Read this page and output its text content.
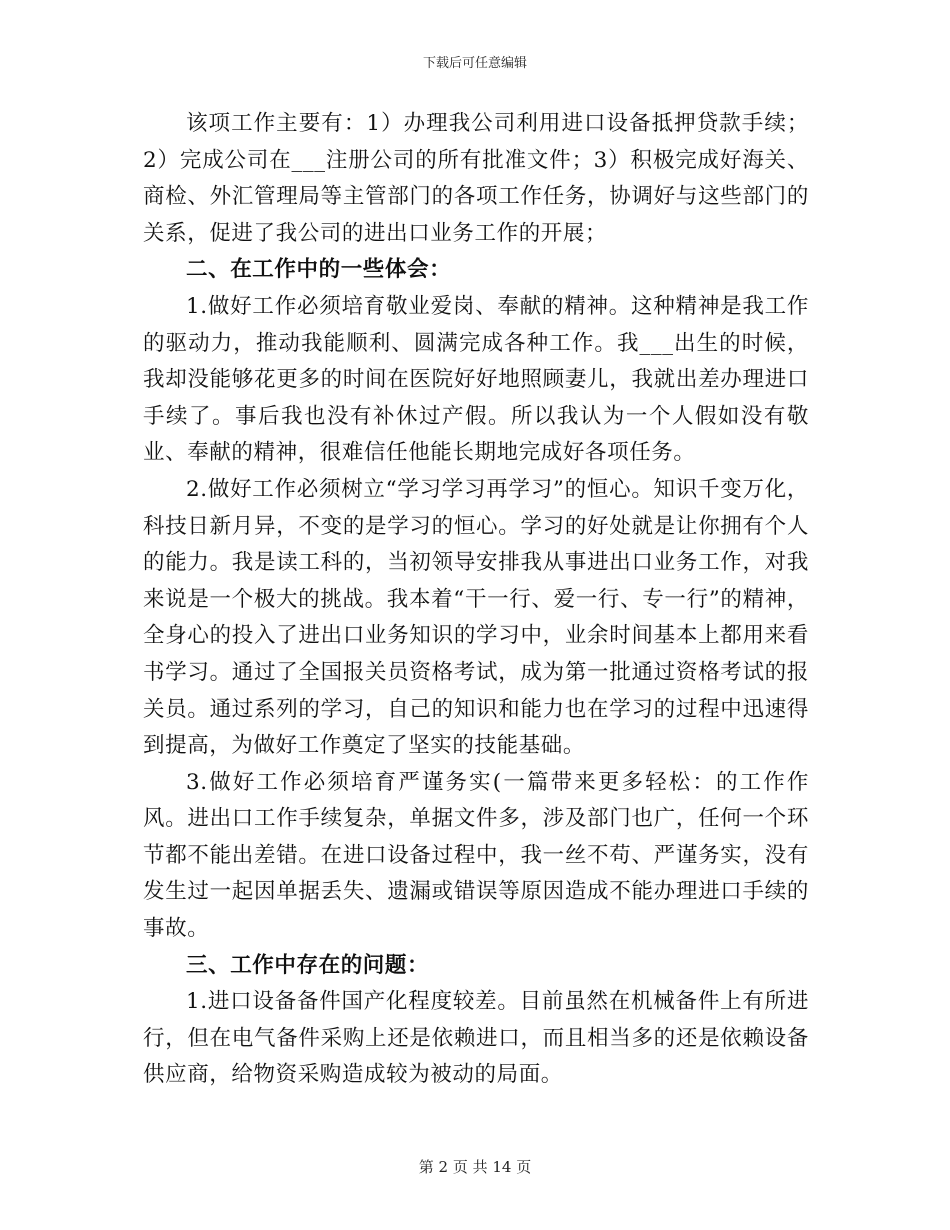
下载后可任意编辑

该项工作主要有：1）办理我公司利用进口设备抵押贷款手续；2）完成公司在___注册公司的所有批准文件；3）积极完成好海关、商检、外汇管理局等主管部门的各项工作任务，协调好与这些部门的关系，促进了我公司的进出口业务工作的开展；

二、在工作中的一些体会：

1.做好工作必须培育敬业爱岗、奉献的精神。这种精神是我工作的驱动力，推动我能顺利、圆满完成各种工作。我___出生的时候，我却没能够花更多的时间在医院好好地照顾妻儿，我就出差办理进口手续了。事后我也没有补休过产假。所以我认为一个人假如没有敬业、奉献的精神，很难信任他能长期地完成好各项任务。

2.做好工作必须树立“学习学习再学习”的恒心。知识千变万化，科技日新月异，不变的是学习的恒心。学习的好处就是让你拥有个人的能力。我是读工科的，当初领导安排我从事进出口业务工作，对我来说是一个极大的挑战。我本着“干一行、爱一行、专一行”的精神，全身心的投入了进出口业务知识的学习中，业余时间基本上都用来看书学习。通过了全国报关员资格考试，成为第一批通过资格考试的报关员。通过系列的学习，自己的知识和能力也在学习的过程中迅速得到提高，为做好工作奠定了坚实的技能基础。

3.做好工作必须培育严谨务实(一篇带来更多轻松：的工作作风。进出口工作手续复杂，单据文件多，涉及部门也广，任何一个环节都不能出差错。在进口设备过程中，我一丝不苟、严谨务实，没有发生过一起因单据丢失、遗漏或错误等原因造成不能办理进口手续的事故。

三、工作中存在的问题：

1.进口设备备件国产化程度较差。目前虽然在机械备件上有所进行，但在电气备件采购上还是依赖进口，而且相当多的还是依赖设备供应商，给物资采购造成较为被动的局面。

第 2 页 共 14 页
